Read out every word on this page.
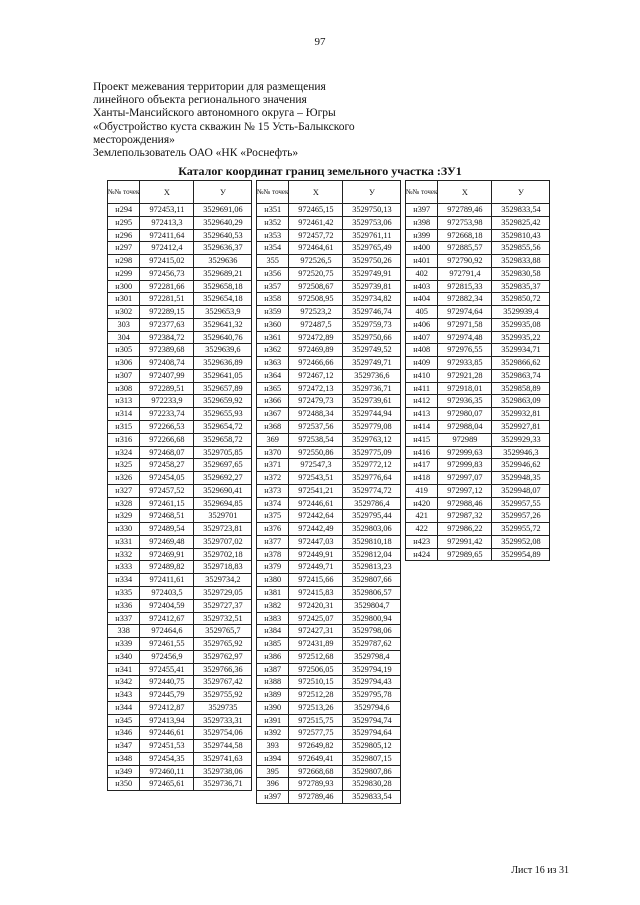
97
Проект межевания территории для размещения
линейного объекта регионального значения
Ханты-Мансийского автономного округа – Югры
«Обустройство куста скважин № 15 Усть-Балыкского
месторождения»
Землепользователь ОАО «НК «Роснефть»
Каталог координат границ земельного участка :ЗУ1
№№ точек	X	У
н294	972453,11	3529691,06
н295	972413,3	3529640,29
н296	972411,64	3529640,53
н297	972412,4	3529636,37
н298	972415,02	3529636
н299	972456,73	3529689,21
н300	972281,66	3529658,18
н301	972281,51	3529654,18
н302	972289,15	3529653,9
303	972377,63	3529641,32
304	972384,72	3529640,76
н305	972389,68	3529639,6
н306	972408,74	3529636,89
н307	972407,99	3529641,05
н308	972289,51	3529657,89
н313	972233,9	3529659,92
н314	972233,74	3529655,93
н315	972266,53	3529654,72
н316	972266,68	3529658,72
н324	972468,07	3529705,85
н325	972458,27	3529697,65
н326	972454,05	3529692,27
н327	972457,52	3529690,41
н328	972461,15	3529694,85
н329	972468,51	3529701
н330	972489,54	3529723,81
н331	972469,48	3529707,02
н332	972469,91	3529702,18
н333	972489,82	3529718,83
н334	972411,61	3529734,2
н335	972403,5	3529729,05
н336	972404,59	3529727,37
н337	972412,67	3529732,51
338	972464,6	3529765,7
н339	972461,55	3529765,92
н340	972456,9	3529762,97
н341	972455,41	3529766,36
н342	972440,75	3529767,42
н343	972445,79	3529755,92
н344	972412,87	3529735
н345	972413,94	3529733,31
н346	972446,61	3529754,06
н347	972451,53	3529744,58
н348	972454,35	3529741,63
н349	972460,11	3529738,06
н350	972465,61	3529736,71
№№ точек	X	У
н351	972465,15	3529750,13
н352	972461,42	3529753,06
н353	972457,72	3529761,11
н354	972464,61	3529765,49
355	972526,5	3529750,26
н356	972520,75	3529749,91
н357	972508,67	3529739,81
н358	972508,95	3529734,82
н359	972523,2	3529746,74
н360	972487,5	3529759,73
н361	972472,89	3529750,66
н362	972469,89	3529749,52
н363	972466,66	3529749,71
н364	972467,12	3529736,6
н365	972472,13	3529736,71
н366	972479,73	3529739,61
н367	972488,34	3529744,94
н368	972537,56	3529779,08
369	972538,54	3529763,12
н370	972550,86	3529775,09
н371	972547,3	3529772,12
н372	972543,51	3529776,64
н373	972541,21	3529774,72
н374	972446,61	3529786,4
н375	972442,64	3529795,44
н376	972442,49	3529803,06
н377	972447,03	3529810,18
н378	972449,91	3529812,04
н379	972449,71	3529813,23
н380	972415,66	3529807,66
н381	972415,83	3529806,57
н382	972420,31	3529804,7
н383	972425,07	3529800,94
н384	972427,31	3529798,06
н385	972431,89	3529787,62
н386	972512,68	3529798,4
н387	972506,05	3529794,19
н388	972510,15	3529794,43
н389	972512,28	3529795,78
н390	972513,26	3529794,6
н391	972515,75	3529794,74
н392	972577,75	3529794,64
393	972649,82	3529805,12
н394	972649,41	3529807,15
395	972668,68	3529807,86
396	972789,93	3529830,28
н397	972789,46	3529833,54
№№ точек	X	У
н397	972789,46	3529833,54
н398	972753,98	3529825,42
н399	972668,18	3529810,43
н400	972885,57	3529855,56
н401	972790,92	3529833,88
402	972791,4	3529830,58
н403	972815,33	3529835,37
н404	972882,34	3529850,72
405	972974,64	3529939,4
н406	972971,58	3529935,08
н407	972974,48	3529935,22
н408	972976,55	3529934,71
н409	972933,85	3529866,62
н410	972921,28	3529863,74
н411	972918,01	3529858,89
н412	972936,35	3529863,09
н413	972980,07	3529932,81
н414	972988,04	3529927,81
н415	972989	3529929,33
н416	972999,63	3529946,3
н417	972999,83	3529946,62
н418	972997,07	3529948,35
419	972997,12	3529948,07
н420	972988,46	3529957,55
421	972987,32	3529957,26
422	972986,22	3529955,72
н423	972991,42	3529952,08
н424	972989,65	3529954,89
Лист 16 из 31
